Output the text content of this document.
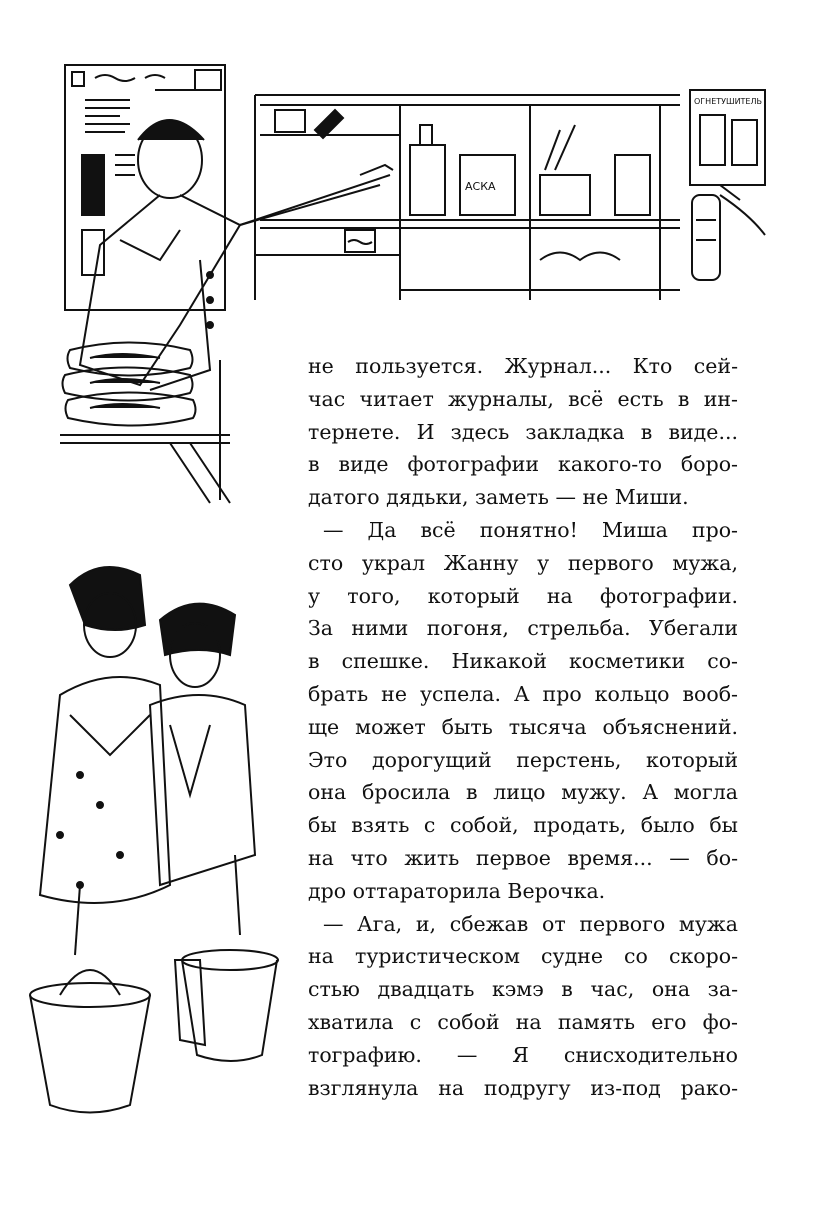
АСКА
ОГНЕТУШИТЕЛЬ
не пользуется. Журнал... Кто сей-
час читает журналы, всё есть в ин-
тернете. И здесь закладка в виде...
в виде фотографии какого-то боро-
датого дядьки, заметь — не Миши.
— Да всё понятно! Миша про-
сто украл Жанну у первого мужа,
у того, который на фотографии.
За ними погоня, стрельба. Убегали
в спешке. Никакой косметики со-
брать не успела. А про кольцо вооб-
ще может быть тысяча объяснений.
Это дорогущий перстень, который
она бросила в лицо мужу. А могла
бы взять с собой, продать, было бы
на что жить первое время... — бо-
дро оттараторила Верочка.
— Ага, и, сбежав от первого мужа
на туристическом судне со скоро-
стью двадцать кэмэ в час, она за-
хватила с собой на память его фо-
тографию. — Я снисходительно
взглянула на подругу из-под рако-
